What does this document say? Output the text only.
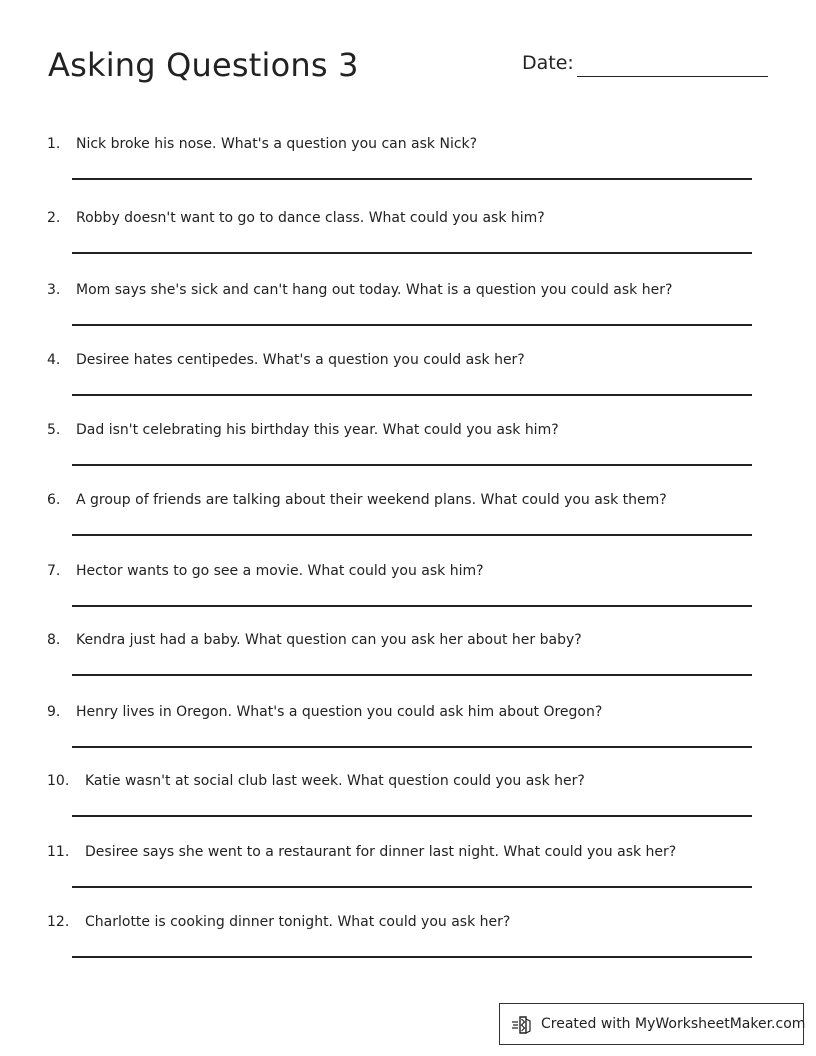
Asking Questions 3	Date:
1. Nick broke his nose. What's a question you can ask Nick?
2. Robby doesn't want to go to dance class. What could you ask him?
3. Mom says she's sick and can't hang out today. What is a question you could ask her?
4. Desiree hates centipedes. What's a question you could ask her?
5. Dad isn't celebrating his birthday this year. What could you ask him?
6. A group of friends are talking about their weekend plans. What could you ask them?
7. Hector wants to go see a movie. What could you ask him?
8. Kendra just had a baby. What question can you ask her about her baby?
9. Henry lives in Oregon. What's a question you could ask him about Oregon?
10. Katie wasn't at social club last week. What question could you ask her?
11. Desiree says she went to a restaurant for dinner last night. What could you ask her?
12. Charlotte is cooking dinner tonight. What could you ask her?
Created with MyWorksheetMaker.com
